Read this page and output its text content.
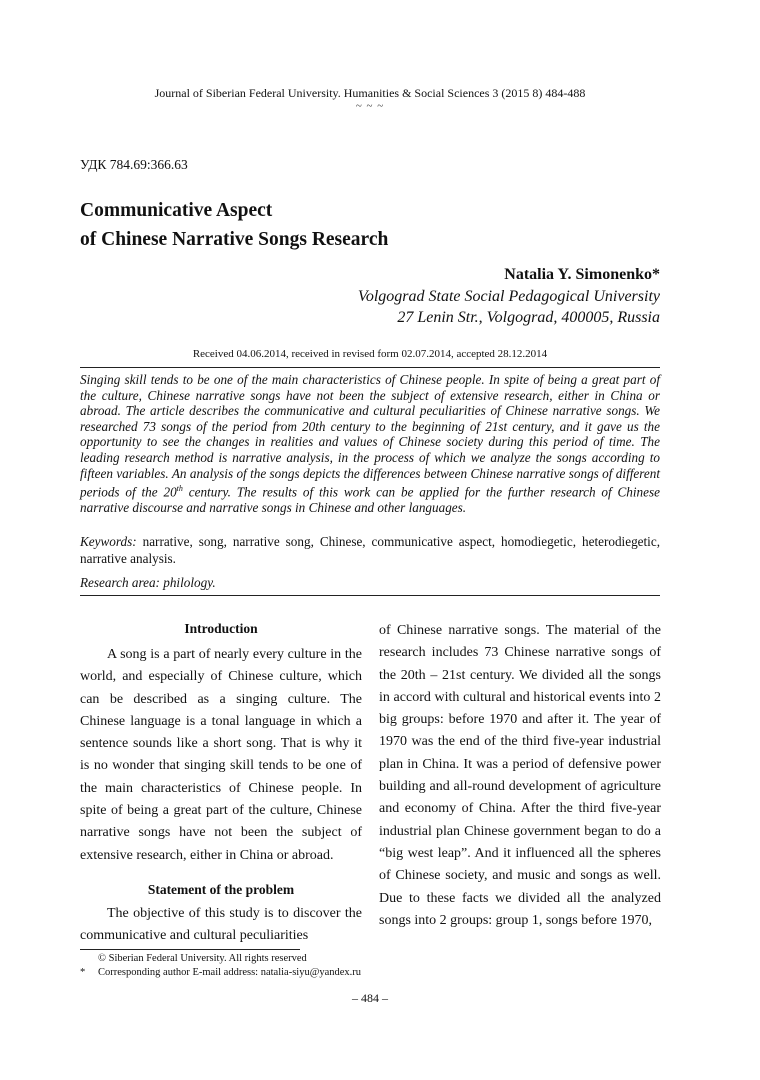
Journal of Siberian Federal University. Humanities & Social Sciences 3 (2015 8) 484-488
~ ~ ~
УДК 784.69:366.63
Communicative Aspect
of Chinese Narrative Songs Research
Natalia Y. Simonenko*
Volgograd State Social Pedagogical University
27 Lenin Str., Volgograd, 400005, Russia
Received 04.06.2014, received in revised form 02.07.2014, accepted 28.12.2014
Singing skill tends to be one of the main characteristics of Chinese people. In spite of being a great part of the culture, Chinese narrative songs have not been the subject of extensive research, either in China or abroad. The article describes the communicative and cultural peculiarities of Chinese narrative songs. We researched 73 songs of the period from 20th century to the beginning of 21st century, and it gave us the opportunity to see the changes in realities and values of Chinese society during this period of time. The leading research method is narrative analysis, in the process of which we analyze the songs according to fifteen variables. An analysis of the songs depicts the differences between Chinese narrative songs of different periods of the 20th century. The results of this work can be applied for the further research of Chinese narrative discourse and narrative songs in Chinese and other languages.
Keywords: narrative, song, narrative song, Chinese, communicative aspect, homodiegetic, heterodiegetic, narrative analysis.
Research area: philology.
Introduction

A song is a part of nearly every culture in the world, and especially of Chinese culture, which can be described as a singing culture. The Chinese language is a tonal language in which a sentence sounds like a short song. That is why it is no wonder that singing skill tends to be one of the main characteristics of Chinese people. In spite of being a great part of the culture, Chinese narrative songs have not been the subject of extensive research, either in China or abroad.

Statement of the problem

The objective of this study is to discover the communicative and cultural peculiarities

of Chinese narrative songs. The material of the research includes 73 Chinese narrative songs of the 20th – 21st century. We divided all the songs in accord with cultural and historical events into 2 big groups: before 1970 and after it. The year of 1970 was the end of the third five-year industrial plan in China. It was a period of defensive power building and all-round development of agriculture and economy of China. After the third five-year industrial plan Chinese government began to do a “big west leap”. And it influenced all the spheres of Chinese society, and music and songs as well. Due to these facts we divided all the analyzed songs into 2 groups: group 1, songs before 1970,

© Siberian Federal University. All rights reserved
* Corresponding author E-mail address: natalia-siyu@yandex.ru
– 484 –
